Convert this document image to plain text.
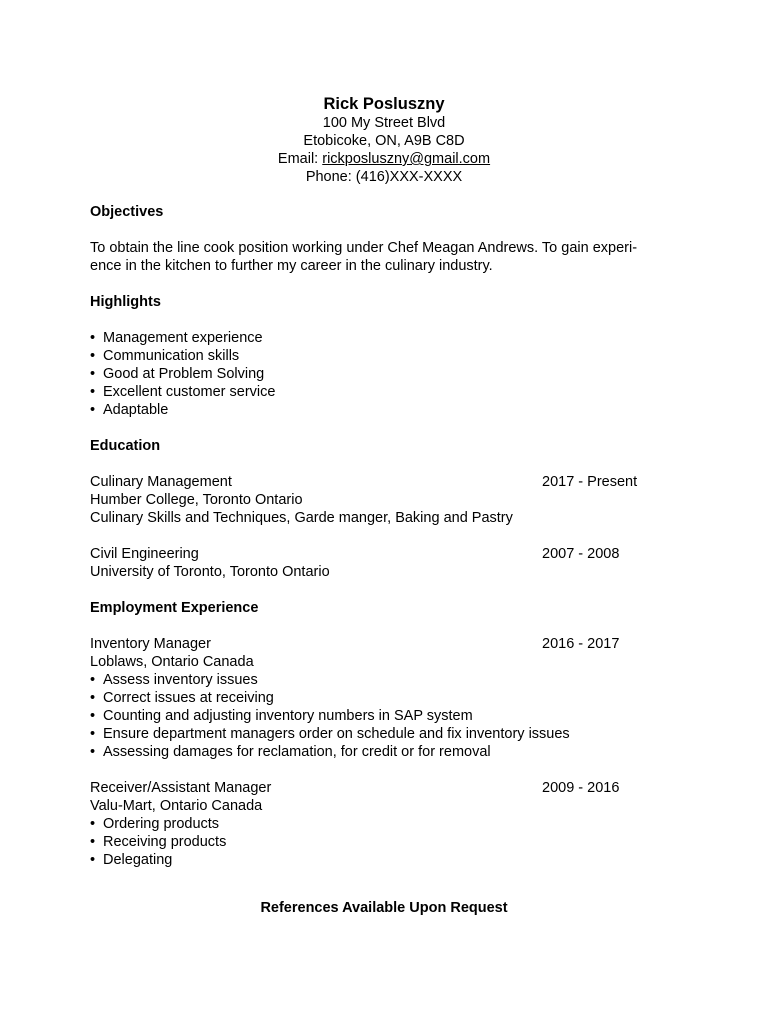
Rick Posluszny
100 My Street Blvd
Etobicoke, ON, A9B C8D
Email: rickposluszny@gmail.com
Phone: (416)XXX-XXXX
Objectives
To obtain the line cook position working under Chef Meagan Andrews. To gain experi-
ence in the kitchen to further my career in the culinary industry.
Highlights
• Management experience
• Communication skills
• Good at Problem Solving
• Excellent customer service
• Adaptable
Education
Culinary Management	2017 - Present
Humber College, Toronto Ontario
Culinary Skills and Techniques, Garde manger, Baking and Pastry
Civil Engineering	2007 - 2008
University of Toronto, Toronto Ontario
Employment Experience
Inventory Manager	2016 - 2017
Loblaws, Ontario Canada
• Assess inventory issues
• Correct issues at receiving
• Counting and adjusting inventory numbers in SAP system
• Ensure department managers order on schedule and fix inventory issues
• Assessing damages for reclamation, for credit or for removal
Receiver/Assistant Manager	2009 - 2016
Valu-Mart, Ontario Canada
• Ordering products
• Receiving products
• Delegating
References Available Upon Request
